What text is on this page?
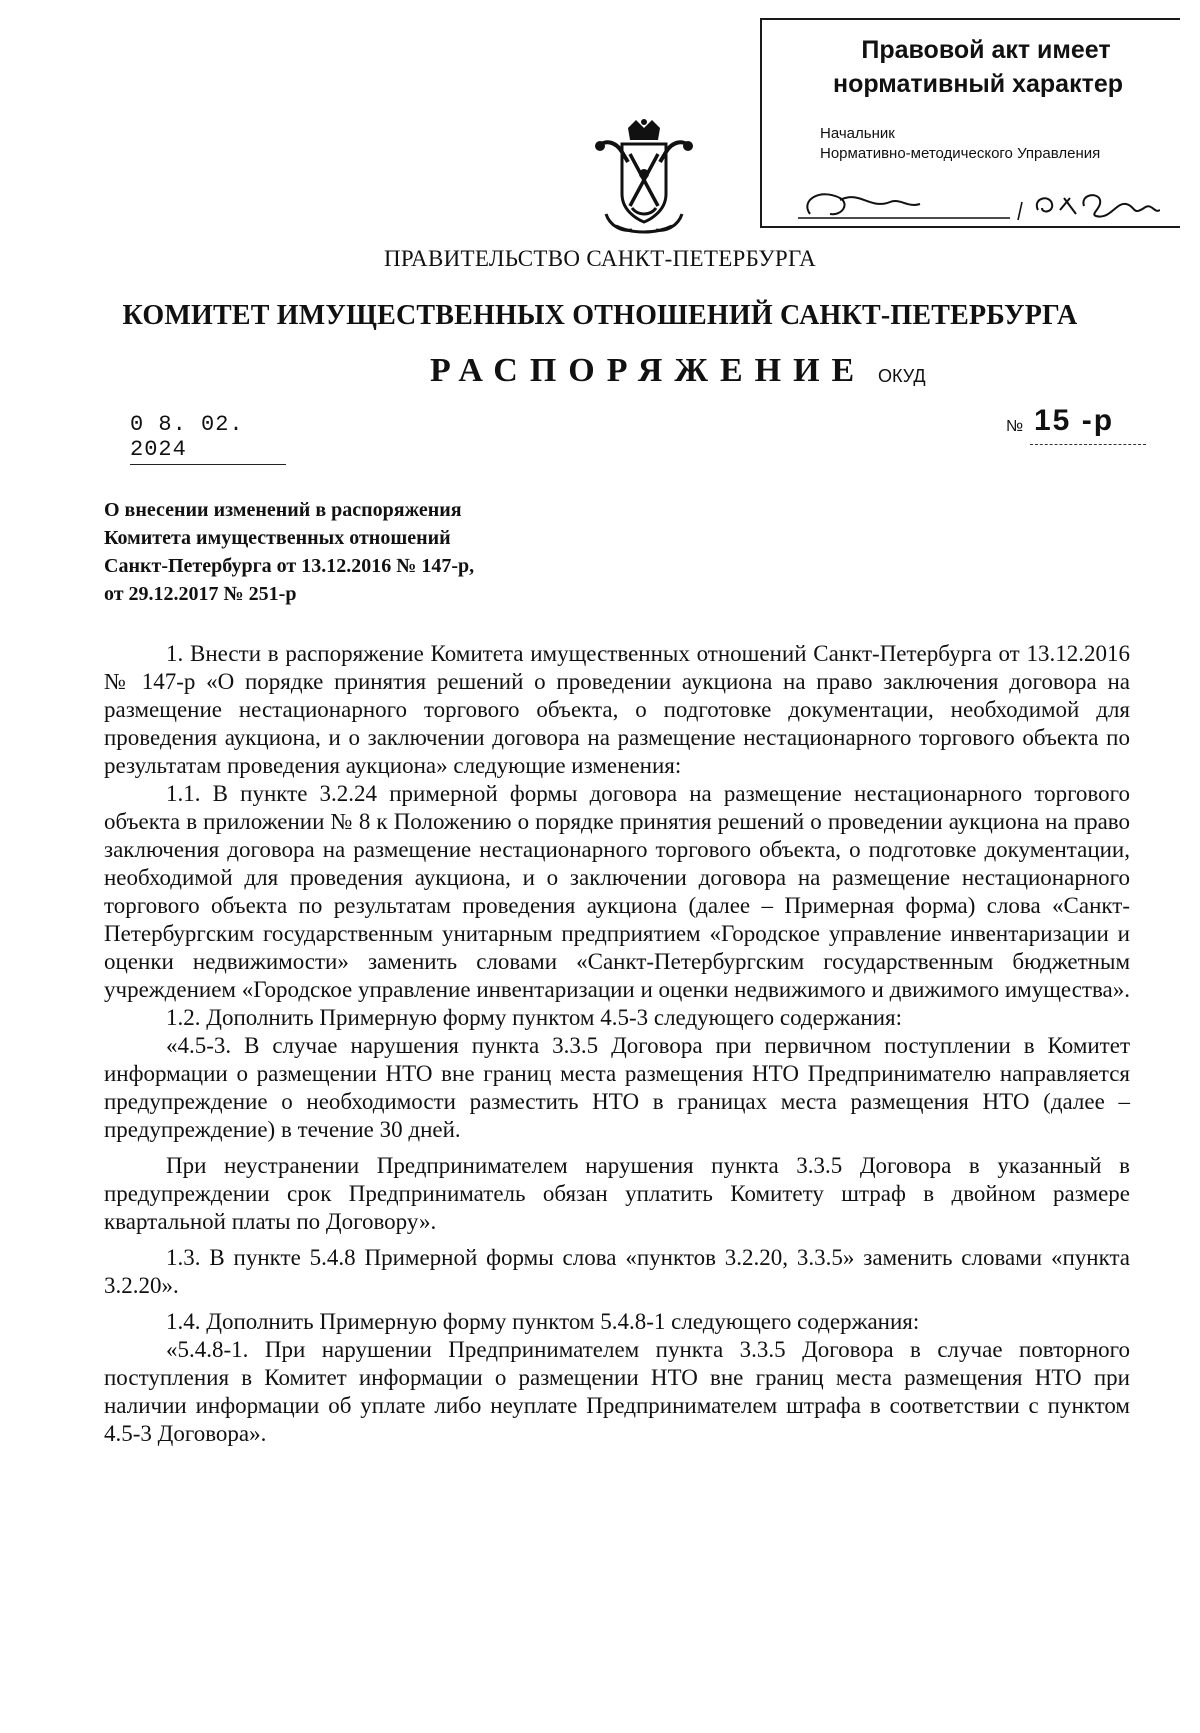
Правовой акт имеет
нормативный характер
Начальник
Нормативно-методического Управления
ПРАВИТЕЛЬСТВО САНКТ-ПЕТЕРБУРГА
КОМИТЕТ ИМУЩЕСТВЕННЫХ ОТНОШЕНИЙ САНКТ-ПЕТЕРБУРГА
РАСПОРЯЖЕНИЕ ОКУД
0 8. 02. 2024
№ 15 -р
О внесении изменений в распоряжения
Комитета имущественных отношений
Санкт-Петербурга от 13.12.2016 № 147-р,
от 29.12.2017 № 251-р

1. Внести в распоряжение Комитета имущественных отношений Санкт-Петербурга от 13.12.2016 № 147-р «О порядке принятия решений о проведении аукциона на право заключения договора на размещение нестационарного торгового объекта, о подготовке документации, необходимой для проведения аукциона, и о заключении договора на размещение нестационарного торгового объекта по результатам проведения аукциона» следующие изменения:

1.1. В пункте 3.2.24 примерной формы договора на размещение нестационарного торгового объекта в приложении № 8 к Положению о порядке принятия решений о проведении аукциона на право заключения договора на размещение нестационарного торгового объекта, о подготовке документации, необходимой для проведения аукциона, и о заключении договора на размещение нестационарного торгового объекта по результатам проведения аукциона (далее – Примерная форма) слова «Санкт-Петербургским государственным унитарным предприятием «Городское управление инвентаризации и оценки недвижимости» заменить словами «Санкт-Петербургским государственным бюджетным учреждением «Городское управление инвентаризации и оценки недвижимого и движимого имущества».

1.2. Дополнить Примерную форму пунктом 4.5-3 следующего содержания:

«4.5-3. В случае нарушения пункта 3.3.5 Договора при первичном поступлении в Комитет информации о размещении НТО вне границ места размещения НТО Предпринимателю направляется предупреждение о необходимости разместить НТО в границах места размещения НТО (далее – предупреждение) в течение 30 дней.

При неустранении Предпринимателем нарушения пункта 3.3.5 Договора в указанный в предупреждении срок Предприниматель обязан уплатить Комитету штраф в двойном размере квартальной платы по Договору».

1.3. В пункте 5.4.8 Примерной формы слова «пунктов 3.2.20, 3.3.5» заменить словами «пункта 3.2.20».

1.4. Дополнить Примерную форму пунктом 5.4.8-1 следующего содержания:

«5.4.8-1. При нарушении Предпринимателем пункта 3.3.5 Договора в случае повторного поступления в Комитет информации о размещении НТО вне границ места размещения НТО при наличии информации об уплате либо неуплате Предпринимателем штрафа в соответствии с пунктом 4.5-3 Договора».
